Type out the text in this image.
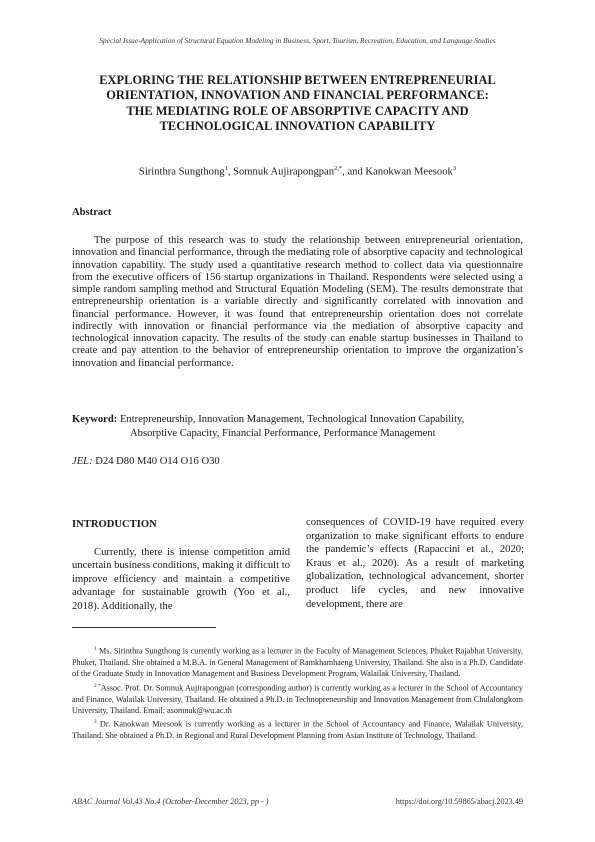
Special Issue-Application of Structural Equation Modeling in Business, Sport, Tourism, Recreation, Education, and Language Studies
EXPLORING THE RELATIONSHIP BETWEEN ENTREPRENEURIAL
ORIENTATION, INNOVATION AND FINANCIAL PERFORMANCE:
THE MEDIATING ROLE OF ABSORPTIVE CAPACITY AND
TECHNOLOGICAL INNOVATION CAPABILITY
Sirinthra Sungthong$^1$, Somnuk Aujirapongpan$^{2,*}$, and Kanokwan Meesook$^3$
Abstract

The purpose of this research was to study the relationship between entrepreneurial orientation, innovation and financial performance, through the mediating role of absorptive capacity and technological innovation capability. The study used a quantitative research method to collect data via questionnaire from the executive officers of 156 startup organizations in Thailand. Respondents were selected using a simple random sampling method and Structural Equation Modeling (SEM). The results demonstrate that entrepreneurship orientation is a variable directly and significantly correlated with innovation and financial performance. However, it was found that entrepreneurship orientation does not correlate indirectly with innovation or financial performance via the mediation of absorptive capacity and technological innovation capacity. The results of the study can enable startup businesses in Thailand to create and pay attention to the behavior of entrepreneurship orientation to improve the organization’s innovation and financial performance.

Keyword: Entrepreneurship, Innovation Management, Technological Innovation Capability,
Absorptive Capacity, Financial Performance, Performance Management
JEL: D24 D80 M40 O14 O16 O30
INTRODUCTION

Currently, there is intense competition amid uncertain business conditions, making it difficult to improve efficiency and maintain a competitive advantage for sustainable growth (Yoo et al., 2018). Additionally, the

consequences of COVID-19 have required every organization to make significant efforts to endure the pandemic’s effects (Rapaccini et al., 2020; Kraus et al., 2020). As a result of marketing globalization, technological advancement, shorter product life cycles, and new innovative development, there are

$^1$ Ms. Sirinthra Sungthong is currently working as a lecturer in the Faculty of Management Sciences, Phuket Rajabhat University, Phuket, Thailand. She obtained a M.B.A. in General Management of Ramkhamhaeng University, Thailand. She also is a Ph.D. Candidate of the Graduate Study in Innovation Management and Business Development Program, Walailak University, Thailand.

$^{2 *}$Assoc. Prof. Dr. Somnuk Aujirapongpan (corresponding author) is currently working as a lecturer in the School of Accountancy and Finance, Walailak University, Thailand. He obtained a Ph.D. in Technopreneurship and Innovation Management from Chulalongkorn University, Thailand. Email: asomnuk@wu.ac.th

$^3$ Dr. Kanokwan Meesook is currently working as a lecturer in the School of Accountancy and Finance, Walailak University, Thailand. She obtained a Ph.D. in Regional and Rural Development Planning from Asian Institute of Technology, Thailand.

ABAC Journal Vol.43 No.4 (October-December 2023, pp - )	https://doi.org/10.59865/abacj.2023.49
